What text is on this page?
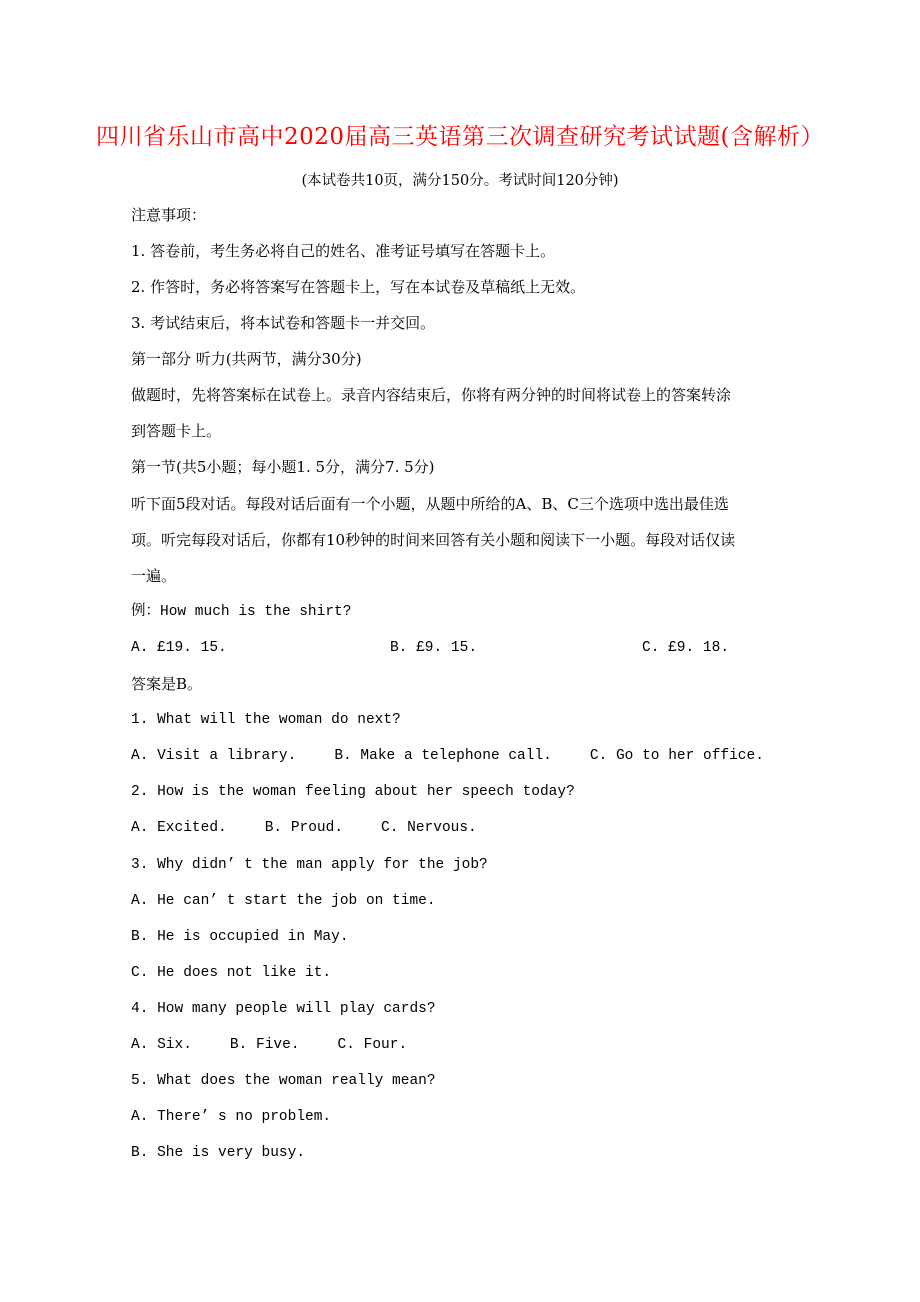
四川省乐山市高中2020届高三英语第三次调查研究考试试题(含解析）
(本试卷共10页，满分150分。考试时间120分钟)
注意事项：
1. 答卷前，考生务必将自己的姓名、准考证号填写在答题卡上。
2. 作答时，务必将答案写在答题卡上，写在本试卷及草稿纸上无效。
3. 考试结束后，将本试卷和答题卡一并交回。
第一部分 听力(共两节，满分30分)
做题时，先将答案标在试卷上。录音内容结束后，你将有两分钟的时间将试卷上的答案转涂
到答题卡上。
第一节(共5小题；每小题1. 5分，满分7. 5分)
听下面5段对话。每段对话后面有一个小题，从题中所给的A、B、C三个选项中选出最佳选
项。听完每段对话后，你都有10秒钟的时间来回答有关小题和阅读下一小题。每段对话仅读
一遍。
例：How much is the shirt?
A. £19. 15.	B. £9. 15.	C. £9. 18.
答案是B。
1. What will the woman do next?
A. Visit a library.	B. Make a telephone call.	C. Go to her office.
2. How is the woman feeling about her speech today?
A. Excited.	B. Proud.	C. Nervous.
3. Why didn’ t the man apply for the job?
A. He can’ t start the job on time.
B. He is occupied in May.
C. He does not like it.
4. How many people will play cards?
A. Six.	B. Five.	C. Four.
5. What does the woman really mean?
A. There’ s no problem.
B. She is very busy.
